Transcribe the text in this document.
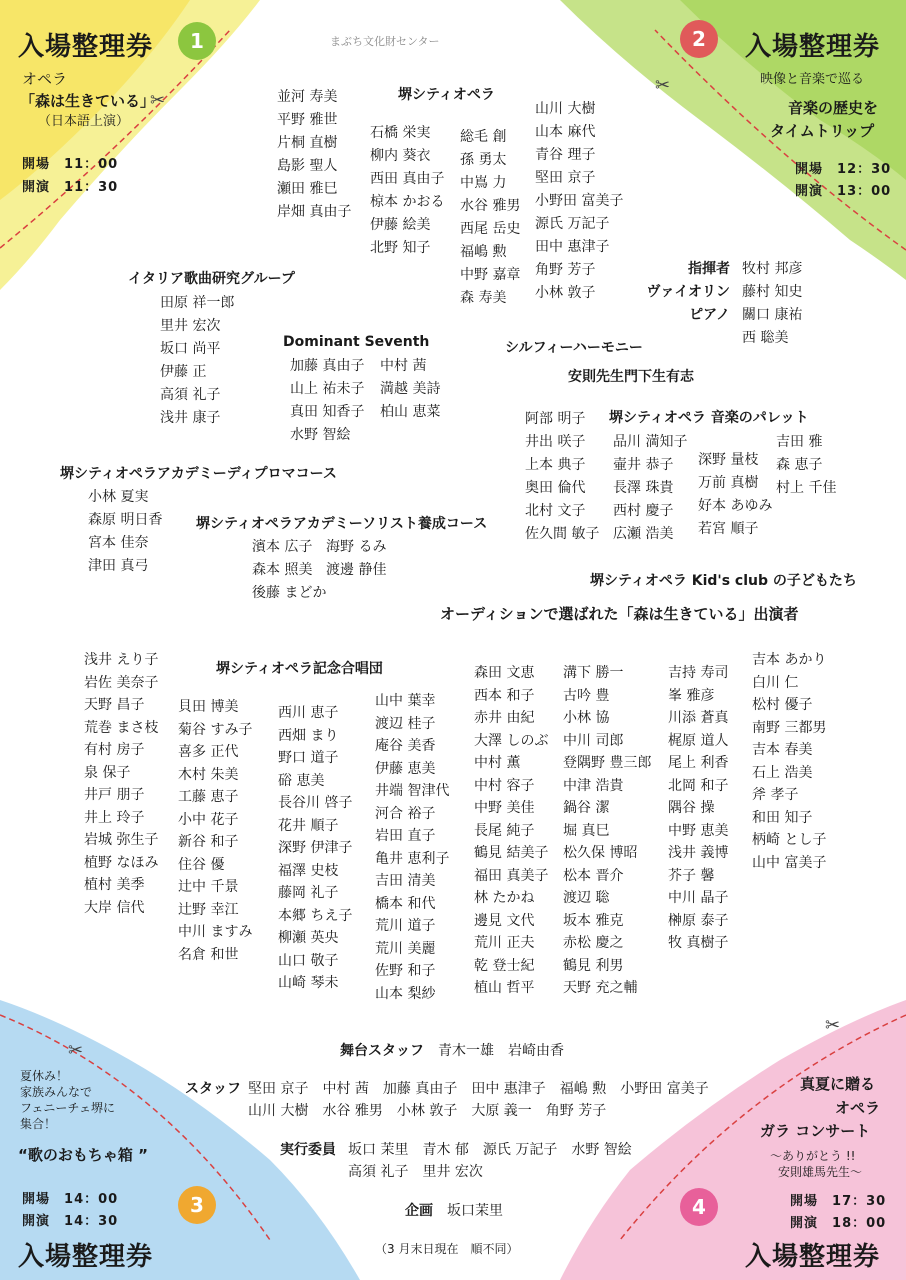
✂
✂
✂
✂
まぶち文化財センター
入場整理券	1
オペラ
「森は生きている」
（日本語上演）
開場　 11：00
開演　 11：30
2	入場整理券
映像と音楽で巡る
音楽の歴史を
タイムトリップ
開場　 12：30
開演　 13：00
夏休み！
家族みんなで
フェニーチェ堺に
集合！
“歌のおもちゃ箱 ”
開場　 14：00
開演　 14：30
3
入場整理券
真夏に贈る
オペラ
ガラ コンサート
〜ありがとう !!
安則雄馬先生〜
開場　 17：30
開演　 18：00
4
入場整理券
堺シティオペラ
並河 寿美
平野 雅世
片桐 直樹
島影 聖人
瀬田 雅巳
岸畑 真由子
石橋 栄実
柳内 葵衣
西田 真由子
椋本 かおる
伊藤 絵美
北野 知子
総毛 創
孫 勇太
中嶌 力
水谷 雅男
西尾 岳史
福嶋 勲
中野 嘉章
森 寿美
山川 大樹
山本 麻代
青谷 理子
堅田 京子
小野田 富美子
源氏 万記子
田中 惠津子
角野 芳子
小林 敦子
指揮者
ヴァイオリン
ピアノ
牧村 邦彦
藤村 知史
關口 康祐
西 聡美
イタリア歌曲研究グループ
田原 祥一郎
里井 宏次
坂口 尚平
伊藤 正
高須 礼子
浅井 康子
Dominant Seventh
加藤 真由子
山上 祐未子
真田 知香子
水野 智絵
中村 茜
満越 美詩
柏山 恵菜
シルフィーハーモニー
安則先生門下生有志
阿部 明子
井出 咲子
上本 典子
奥田 倫代
北村 文子
佐久間 敏子
堺シティオペラ 音楽のパレット
品川 満知子
壷井 恭子
長澤 珠貴
西村 慶子
広瀬 浩美
深野 量枝
万前 真樹
好本 あゆみ
若宮 順子
吉田 雅
森 恵子
村上 千佳
堺シティオペラアカデミーディプロマコース
小林 夏実
森原 明日香
宮本 佳奈
津田 真弓
堺シティオペラアカデミーソリスト養成コース
濱本 広子
森本 照美
後藤 まどか
海野 るみ
渡邊 静佳
堺シティオペラ Kid's club の子どもたち
オーディションで選ばれた「森は生きている」出演者
堺シティオペラ記念合唱団
浅井 えり子
岩佐 美奈子
天野 昌子
荒巻 まさ枝
有村 房子
泉 保子
井戸 朋子
井上 玲子
岩城 弥生子
植野 なほみ
植村 美季
大岸 信代
貝田 博美
菊谷 すみ子
喜多 正代
木村 朱美
工藤 恵子
小中 花子
新谷 和子
住谷 優
辻中 千景
辻野 幸江
中川 ますみ
名倉 和世
西川 恵子
西畑 まり
野口 道子
硲 恵美
長谷川 啓子
花井 順子
深野 伊津子
福澤 史枝
藤岡 礼子
本郷 ちえ子
柳瀬 英央
山口 敬子
山崎 琴未
山中 葉幸
渡辺 桂子
庵谷 美香
伊藤 恵美
井端 智津代
河合 裕子
岩田 直子
亀井 恵利子
吉田 清美
橋本 和代
荒川 道子
荒川 美麗
佐野 和子
山本 梨紗
森田 文恵
西本 和子
赤井 由紀
大澤 しのぶ
中村 薫
中村 容子
中野 美佳
長尾 純子
鶴見 結美子
福田 真美子
林 たかね
邊見 文代
荒川 正夫
乾 登士紀
植山 哲平
溝下 勝一
古吟 豊
小林 協
中川 司郎
登隅野 豊三郎
中津 浩貴
鍋谷 潔
堀 真巳
松久保 博昭
松本 晋介
渡辺 聡
坂本 雅克
赤松 慶之
鶴見 利男
天野 充之輔
吉持 寿司
峯 雅彦
川添 蒼真
梶原 道人
尾上 利香
北岡 和子
隅谷 操
中野 恵美
浅井 義博
芥子 馨
中川 晶子
榊原 泰子
牧 真樹子
吉本 あかり
白川 仁
松村 優子
南野 三都男
吉本 春美
石上 浩美
斧 孝子
和田 知子
柄崎 とし子
山中 富美子
舞台スタッフ　 青木一雄　岩崎由香
スタッフ 堅田 京子　中村 茜　加藤 真由子　田中 惠津子　福嶋 勲　小野田 富美子
山川 大樹　水谷 雅男　小林 敦子　大原 義一　角野 芳子
実行委員 坂口 茉里　青木 郁　源氏 万記子　水野 智絵
高須 礼子　里井 宏次
企画　 坂口茉里
（3 月末日現在　順不同）
